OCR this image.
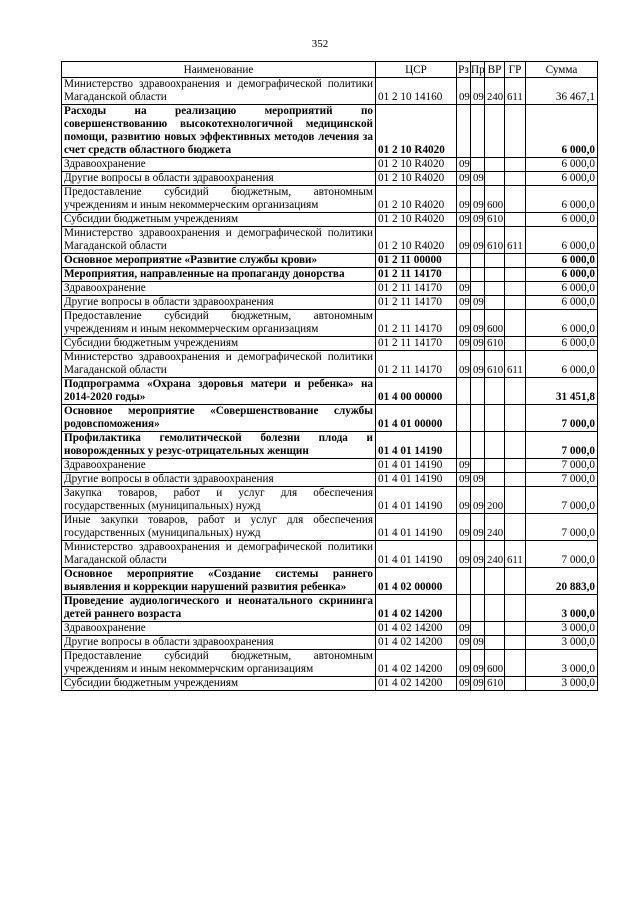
352
Наименование	ЦСР	Рз	Пр	ВР	ГР	Сумма
Министерство здравоохранения и демографической политики Магаданской области	01 2 10 14160	09	09	240	611	36 467,1
Расходы на реализацию мероприятий по совершенствованию высокотехнологичной медицинской помощи, развитию новых эффективных методов лечения за счет средств областного бюджета	01 2 10 R4020					6 000,0
Здравоохранение	01 2 10 R4020	09				6 000,0
Другие вопросы в области здравоохранения	01 2 10 R4020	09	09			6 000,0
Предоставление субсидий бюджетным, автономным учреждениям и иным некоммерческим организациям	01 2 10 R4020	09	09	600		6 000,0
Субсидии бюджетным учреждениям	01 2 10 R4020	09	09	610		6 000,0
Министерство здравоохранения и демографической политики Магаданской области	01 2 10 R4020	09	09	610	611	6 000,0
Основное мероприятие «Развитие службы крови»	01 2 11 00000					6 000,0
Мероприятия, направленные на пропаганду донорства	01 2 11 14170					6 000,0
Здравоохранение	01 2 11 14170	09				6 000,0
Другие вопросы в области здравоохранения	01 2 11 14170	09	09			6 000,0
Предоставление субсидий бюджетным, автономным учреждениям и иным некоммерческим организациям	01 2 11 14170	09	09	600		6 000,0
Субсидии бюджетным учреждениям	01 2 11 14170	09	09	610		6 000,0
Министерство здравоохранения и демографической политики Магаданской области	01 2 11 14170	09	09	610	611	6 000,0
Подпрограмма «Охрана здоровья матери и ребенка» на 2014-2020 годы»	01 4 00 00000					31 451,8
Основное мероприятие «Совершенствование службы родовспоможения»	01 4 01 00000					7 000,0
Профилактика гемолитической болезни плода и новорожденных у резус-отрицательных женщин	01 4 01 14190					7 000,0
Здравоохранение	01 4 01 14190	09				7 000,0
Другие вопросы в области здравоохранения	01 4 01 14190	09	09			7 000,0
Закупка товаров, работ и услуг для обеспечения государственных (муниципальных) нужд	01 4 01 14190	09	09	200		7 000,0
Иные закупки товаров, работ и услуг для обеспечения государственных (муниципальных) нужд	01 4 01 14190	09	09	240		7 000,0
Министерство здравоохранения и демографической политики Магаданской области	01 4 01 14190	09	09	240	611	7 000,0
Основное мероприятие «Создание системы раннего выявления и коррекции нарушений развития ребенка»	01 4 02 00000					20 883,0
Проведение аудиологического и неонатального скрининга детей раннего возраста	01 4 02 14200					3 000,0
Здравоохранение	01 4 02 14200	09				3 000,0
Другие вопросы в области здравоохранения	01 4 02 14200	09	09			3 000,0
Предоставление субсидий бюджетным, автономным учреждениям и иным некоммерчским организациям	01 4 02 14200	09	09	600		3 000,0
Субсидии бюджетным учреждениям	01 4 02 14200	09	09	610		3 000,0
